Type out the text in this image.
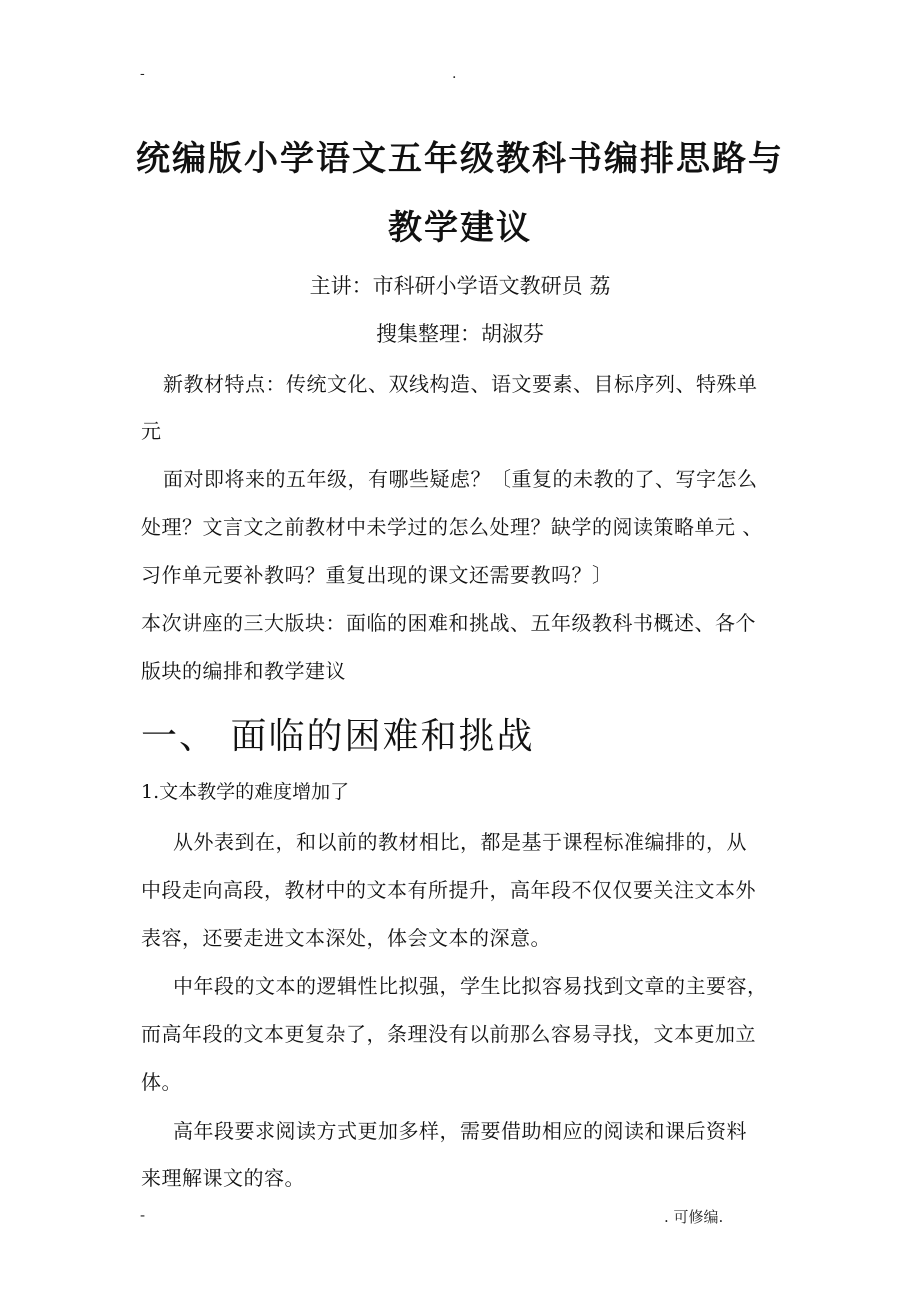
-	.
统编版小学语文五年级教科书编排思路与
教学建议
主讲：市科研小学语文教研员 荔
搜集整理：胡淑芬
新教材特点：传统文化、双线构造、语文要素、目标序列、特殊单
元
面对即将来的五年级，有哪些疑虑？〔重复的未教的了、写字怎么
处理？文言文之前教材中未学过的怎么处理？缺学的阅读策略单元 、
习作单元要补教吗？重复出现的课文还需要教吗？〕
本次讲座的三大版块：面临的困难和挑战、五年级教科书概述、各个
版块的编排和教学建议
一、 面临的困难和挑战
1.文本教学的难度增加了
从外表到在，和以前的教材相比，都是基于课程标准编排的，从
中段走向高段，教材中的文本有所提升，高年段不仅仅要关注文本外
表容，还要走进文本深处，体会文本的深意。
中年段的文本的逻辑性比拟强，学生比拟容易找到文章的主要容，
而高年段的文本更复杂了，条理没有以前那么容易寻找，文本更加立
体。
高年段要求阅读方式更加多样，需要借助相应的阅读和课后资料
来理解课文的容。
-	. 可修编.
